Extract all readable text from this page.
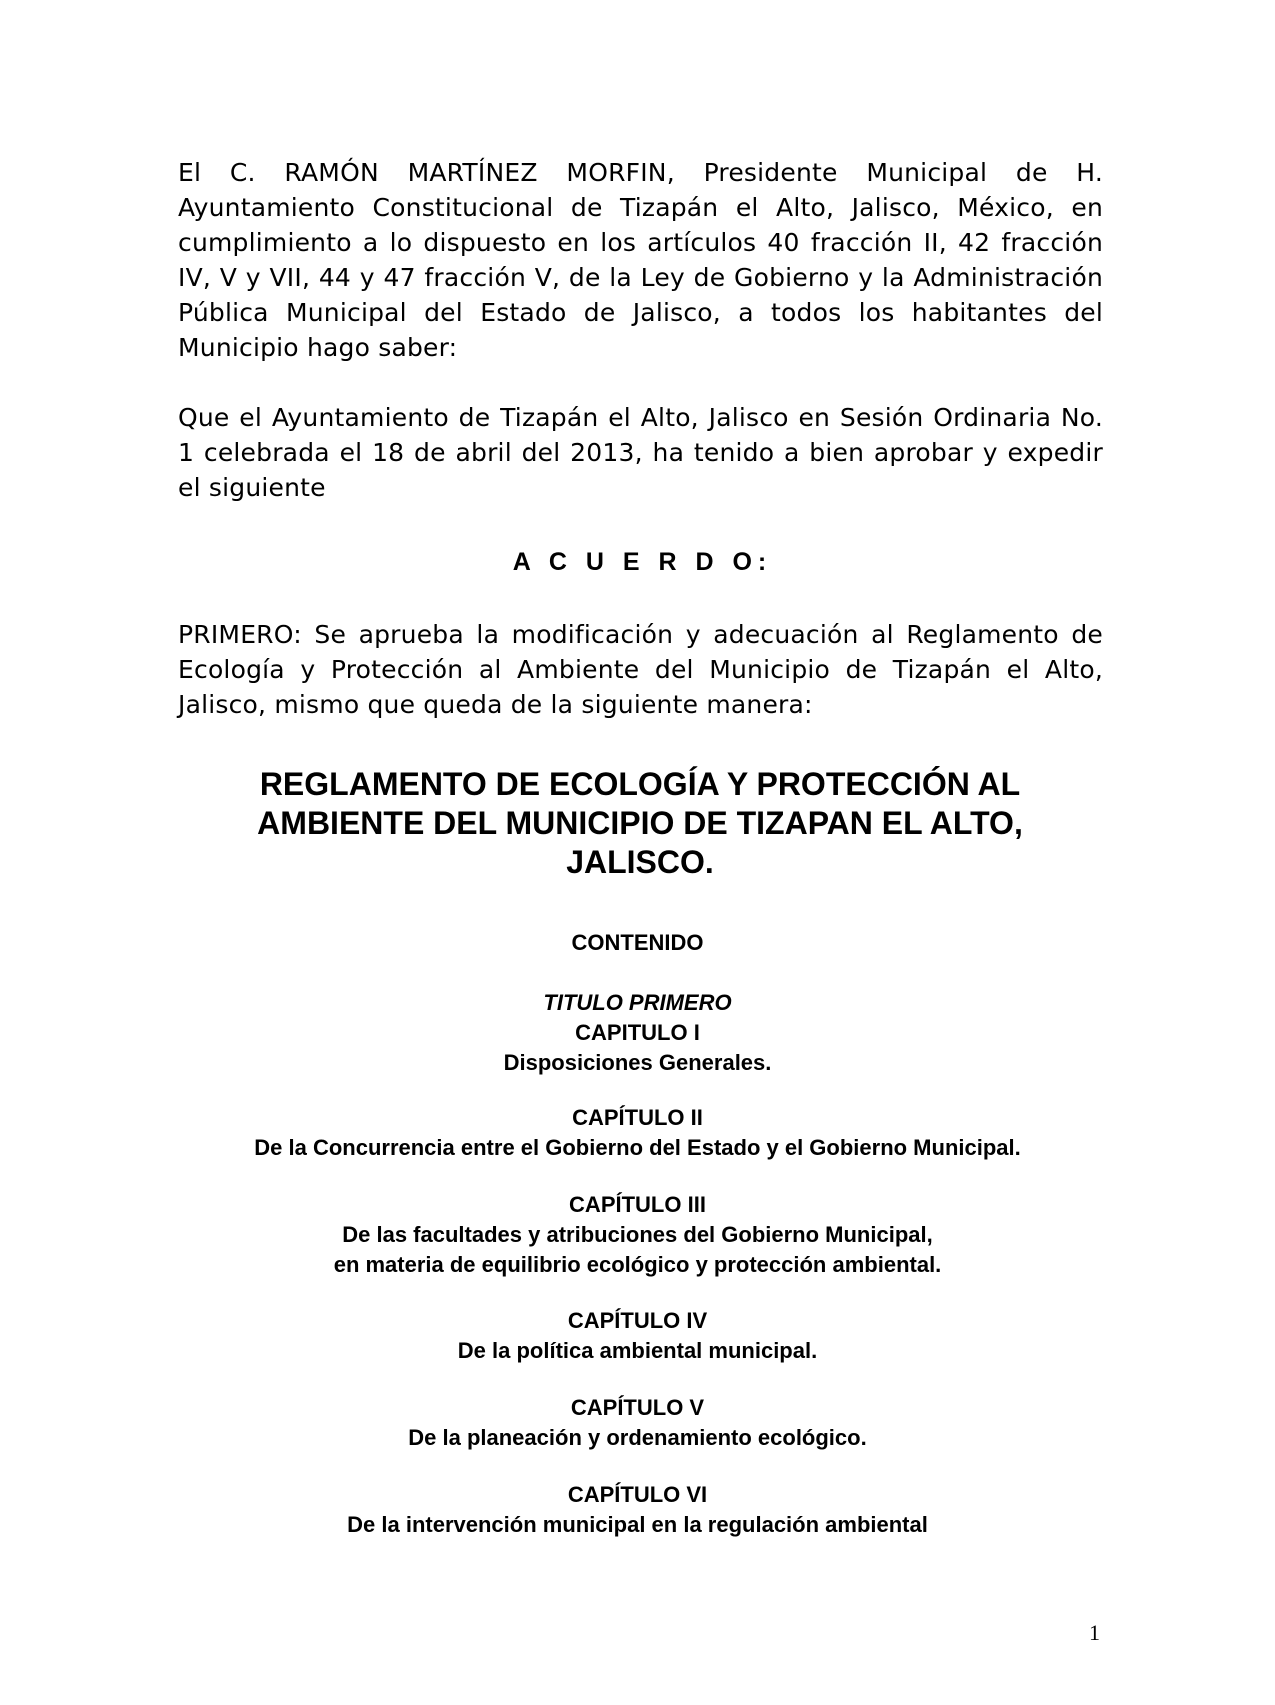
El C. RAMÓN MARTÍNEZ MORFIN, Presidente Municipal de H. Ayuntamiento Constitucional de Tizapán el Alto, Jalisco, México, en cumplimiento a lo dispuesto en los artículos 40 fracción II, 42 fracción IV, V y VII, 44 y 47 fracción V, de la Ley de Gobierno y la Administración Pública Municipal del Estado de Jalisco, a todos los habitantes del Municipio hago saber:
Que el Ayuntamiento de Tizapán el Alto, Jalisco en Sesión Ordinaria No. 1 celebrada el 18 de abril del 2013, ha tenido a bien aprobar y expedir el siguiente
A C U E R D O:
PRIMERO: Se aprueba la modificación y adecuación al Reglamento de Ecología y Protección al Ambiente del Municipio de Tizapán el Alto, Jalisco, mismo que queda de la siguiente manera:
REGLAMENTO DE ECOLOGÍA Y PROTECCIÓN AL
AMBIENTE DEL MUNICIPIO DE TIZAPAN EL ALTO,
JALISCO.
CONTENIDO
TITULO PRIMERO
CAPITULO I
Disposiciones Generales.
CAPÍTULO II
De la Concurrencia entre el Gobierno del Estado y el Gobierno Municipal.
CAPÍTULO III
De las facultades y atribuciones del Gobierno Municipal,
en materia de equilibrio ecológico y protección ambiental.
CAPÍTULO IV
De la política ambiental municipal.
CAPÍTULO V
De la planeación y ordenamiento ecológico.
CAPÍTULO VI
De la intervención municipal en la regulación ambiental
1
